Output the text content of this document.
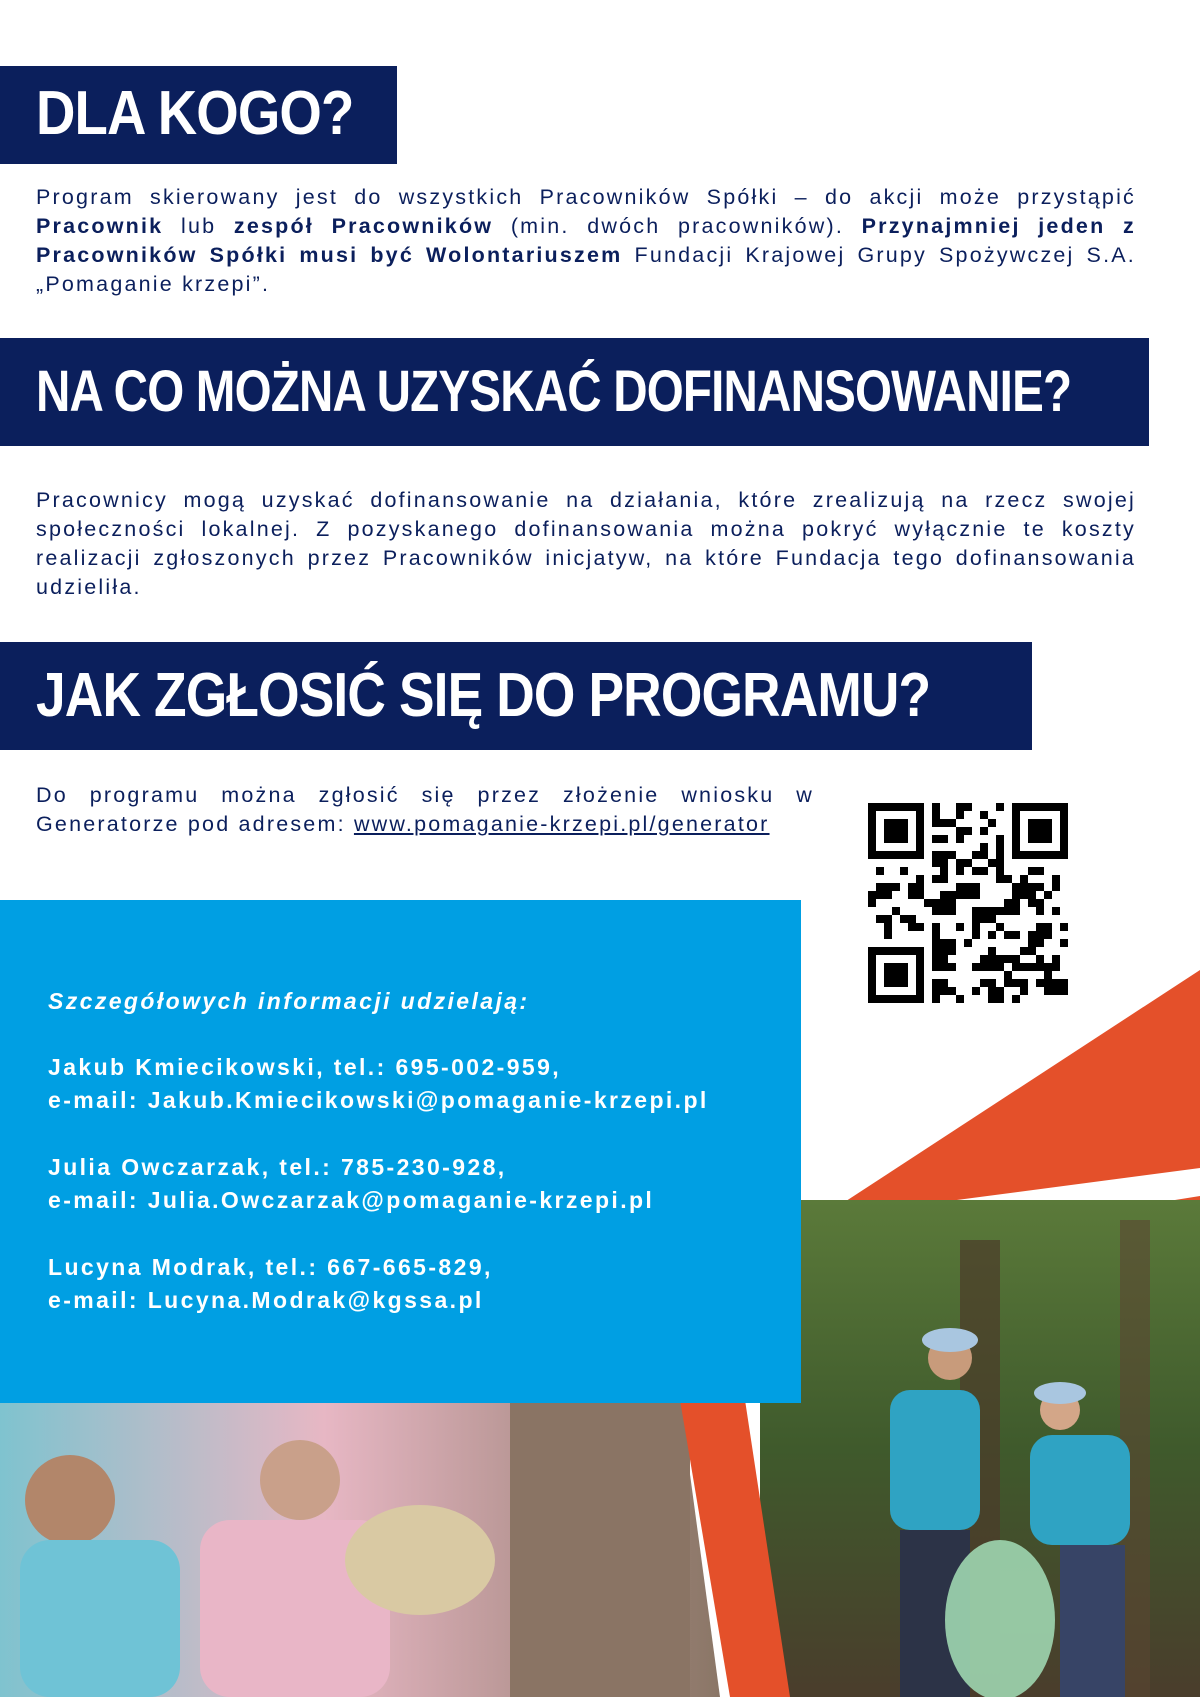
DLA KOGO?

Program skierowany jest do wszystkich Pracowników Spółki – do akcji może przystąpić Pracownik lub zespół Pracowników (min. dwóch pracowników). Przynajmniej jeden z Pracowników Spółki musi być Wolontariuszem Fundacji Krajowej Grupy Spożywczej S.A. „Pomaganie krzepi”.

NA CO MOŻNA UZYSKAĆ DOFINANSOWANIE?

Pracownicy mogą uzyskać dofinansowanie na działania, które zrealizują na rzecz swojej społeczności lokalnej. Z pozyskanego dofinansowania można pokryć wyłącznie te koszty realizacji zgłoszonych przez Pracowników inicjatyw, na które Fundacja tego dofinansowania udzieliła.

JAK ZGŁOSIĆ SIĘ DO PROGRAMU?

Do programu można zgłosić się przez złożenie wniosku w Generatorze pod adresem: www.pomaganie-krzepi.pl/generator

Szczegółowych informacji udzielają:
Jakub Kmiecikowski, tel.: 695-002-959,
e-mail: Jakub.Kmiecikowski@pomaganie-krzepi.pl
Julia Owczarzak, tel.: 785-230-928,
e-mail: Julia.Owczarzak@pomaganie-krzepi.pl
Lucyna Modrak, tel.: 667-665-829,
e-mail: Lucyna.Modrak@kgssa.pl
